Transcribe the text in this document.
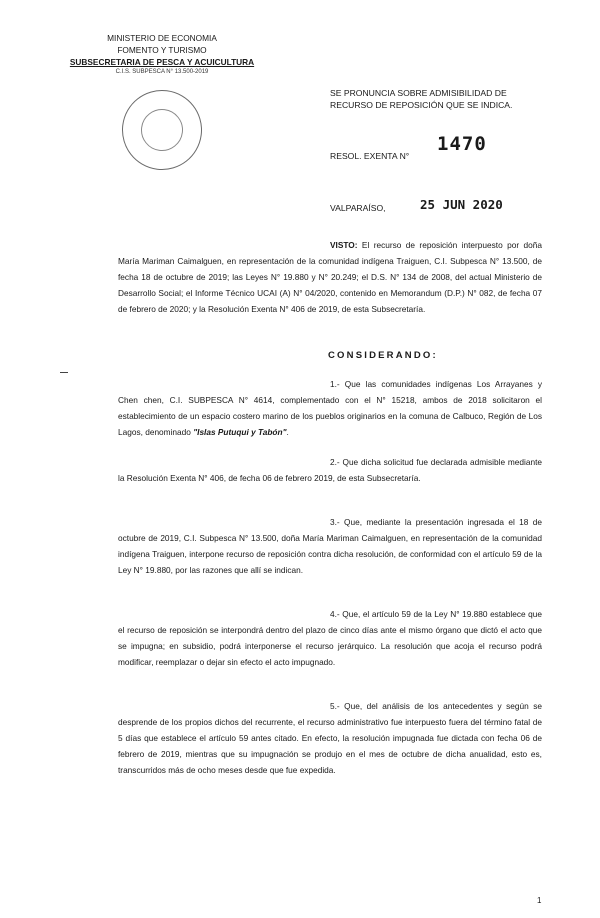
MINISTERIO DE ECONOMIA
FOMENTO Y TURISMO
SUBSECRETARIA DE PESCA Y ACUICULTURA
C.I.S. SUBPESCA N° 13.500-2019
SE PRONUNCIA SOBRE ADMISIBILIDAD DE
RECURSO DE REPOSICIÓN QUE SE INDICA.
RESOL. EXENTA N°
1470
VALPARAÍSO,	25 JUN 2020

VISTO: El recurso de reposición interpuesto por doña María Mariman Caimalguen, en representación de la comunidad indígena Traiguen, C.I. Subpesca N° 13.500, de fecha 18 de octubre de 2019; las Leyes N° 19.880 y N° 20.249; el D.S. N° 134 de 2008, del actual Ministerio de Desarrollo Social; el Informe Técnico UCAI (A) N° 04/2020, contenido en Memorandum (D.P.) N° 082, de fecha 07 de febrero de 2020; y la Resolución Exenta N° 406 de 2019, de esta Subsecretaría.

CONSIDERANDO:

1.- Que las comunidades indígenas Los Arrayanes y Chen chen, C.I. SUBPESCA N° 4614, complementado con el N° 15218, ambos de 2018 solicitaron el establecimiento de un espacio costero marino de los pueblos originarios en la comuna de Calbuco, Región de Los Lagos, denominado "Islas Putuqui y Tabón".

2.- Que dicha solicitud fue declarada admisible mediante la Resolución Exenta N° 406, de fecha 06 de febrero 2019, de esta Subsecretaría.

3.- Que, mediante la presentación ingresada el 18 de octubre de 2019, C.I. Subpesca N° 13.500, doña María Mariman Caimalguen, en representación de la comunidad indígena Traiguen, interpone recurso de reposición contra dicha resolución, de conformidad con el artículo 59 de la Ley N° 19.880, por las razones que allí se indican.

4.- Que, el artículo 59 de la Ley N° 19.880 establece que el recurso de reposición se interpondrá dentro del plazo de cinco días ante el mismo órgano que dictó el acto que se impugna; en subsidio, podrá interponerse el recurso jerárquico. La resolución que acoja el recurso podrá modificar, reemplazar o dejar sin efecto el acto impugnado.

5.- Que, del análisis de los antecedentes y según se desprende de los propios dichos del recurrente, el recurso administrativo fue interpuesto fuera del término fatal de 5 días que establece el artículo 59 antes citado. En efecto, la resolución impugnada fue dictada con fecha 06 de febrero de 2019, mientras que su impugnación se produjo en el mes de octubre de dicha anualidad, esto es, transcurridos más de ocho meses desde que fue expedida.

1
